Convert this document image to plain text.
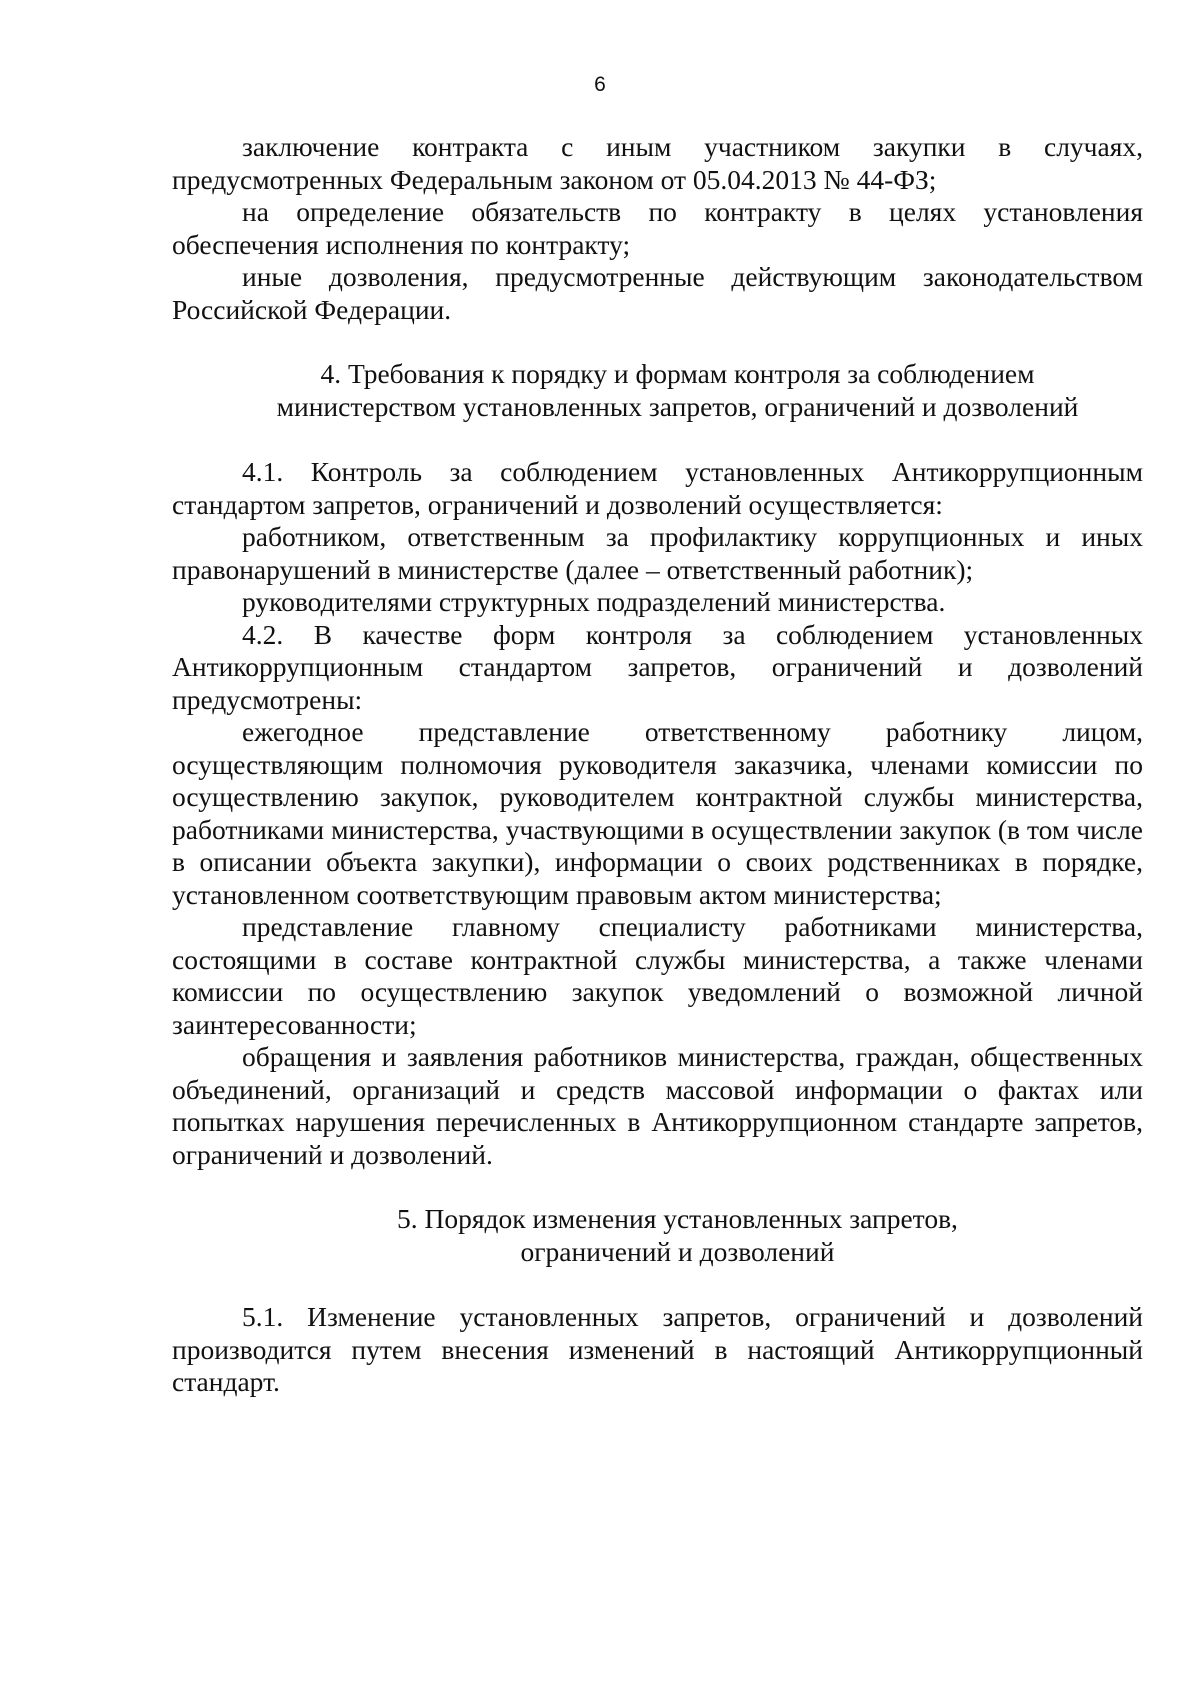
6

заключение контракта с иным участником закупки в случаях, предусмотренных Федеральным законом от 05.04.2013 № 44-ФЗ;

на определение обязательств по контракту в целях установления обеспечения исполнения по контракту;

иные дозволения, предусмотренные действующим законодательством Российской Федерации.

4. Требования к порядку и формам контроля за соблюдением
министерством установленных запретов, ограничений и дозволений

4.1. Контроль за соблюдением установленных Антикоррупционным стандартом запретов, ограничений и дозволений осуществляется:

работником, ответственным за профилактику коррупционных и иных правонарушений в министерстве (далее – ответственный работник);

руководителями структурных подразделений министерства.

4.2. В качестве форм контроля за соблюдением установленных Антикоррупционным стандартом запретов, ограничений и дозволений предусмотрены:

ежегодное представление ответственному работнику лицом, осуществляющим полномочия руководителя заказчика, членами комиссии по осуществлению закупок, руководителем контрактной службы министерства, работниками министерства, участвующими в осуществлении закупок (в том числе в описании объекта закупки), информации о своих родственниках в порядке, установленном соответствующим правовым актом министерства;

представление главному специалисту работниками министерства, состоящими в составе контрактной службы министерства, а также членами комиссии по осуществлению закупок уведомлений о возможной личной заинтересованности;

обращения и заявления работников министерства, граждан, общественных объединений, организаций и средств массовой информации о фактах или попытках нарушения перечисленных в Антикоррупционном стандарте запретов, ограничений и дозволений.

5. Порядок изменения установленных запретов,
ограничений и дозволений

5.1. Изменение установленных запретов, ограничений и дозволений производится путем внесения изменений в настоящий Антикоррупционный стандарт.
